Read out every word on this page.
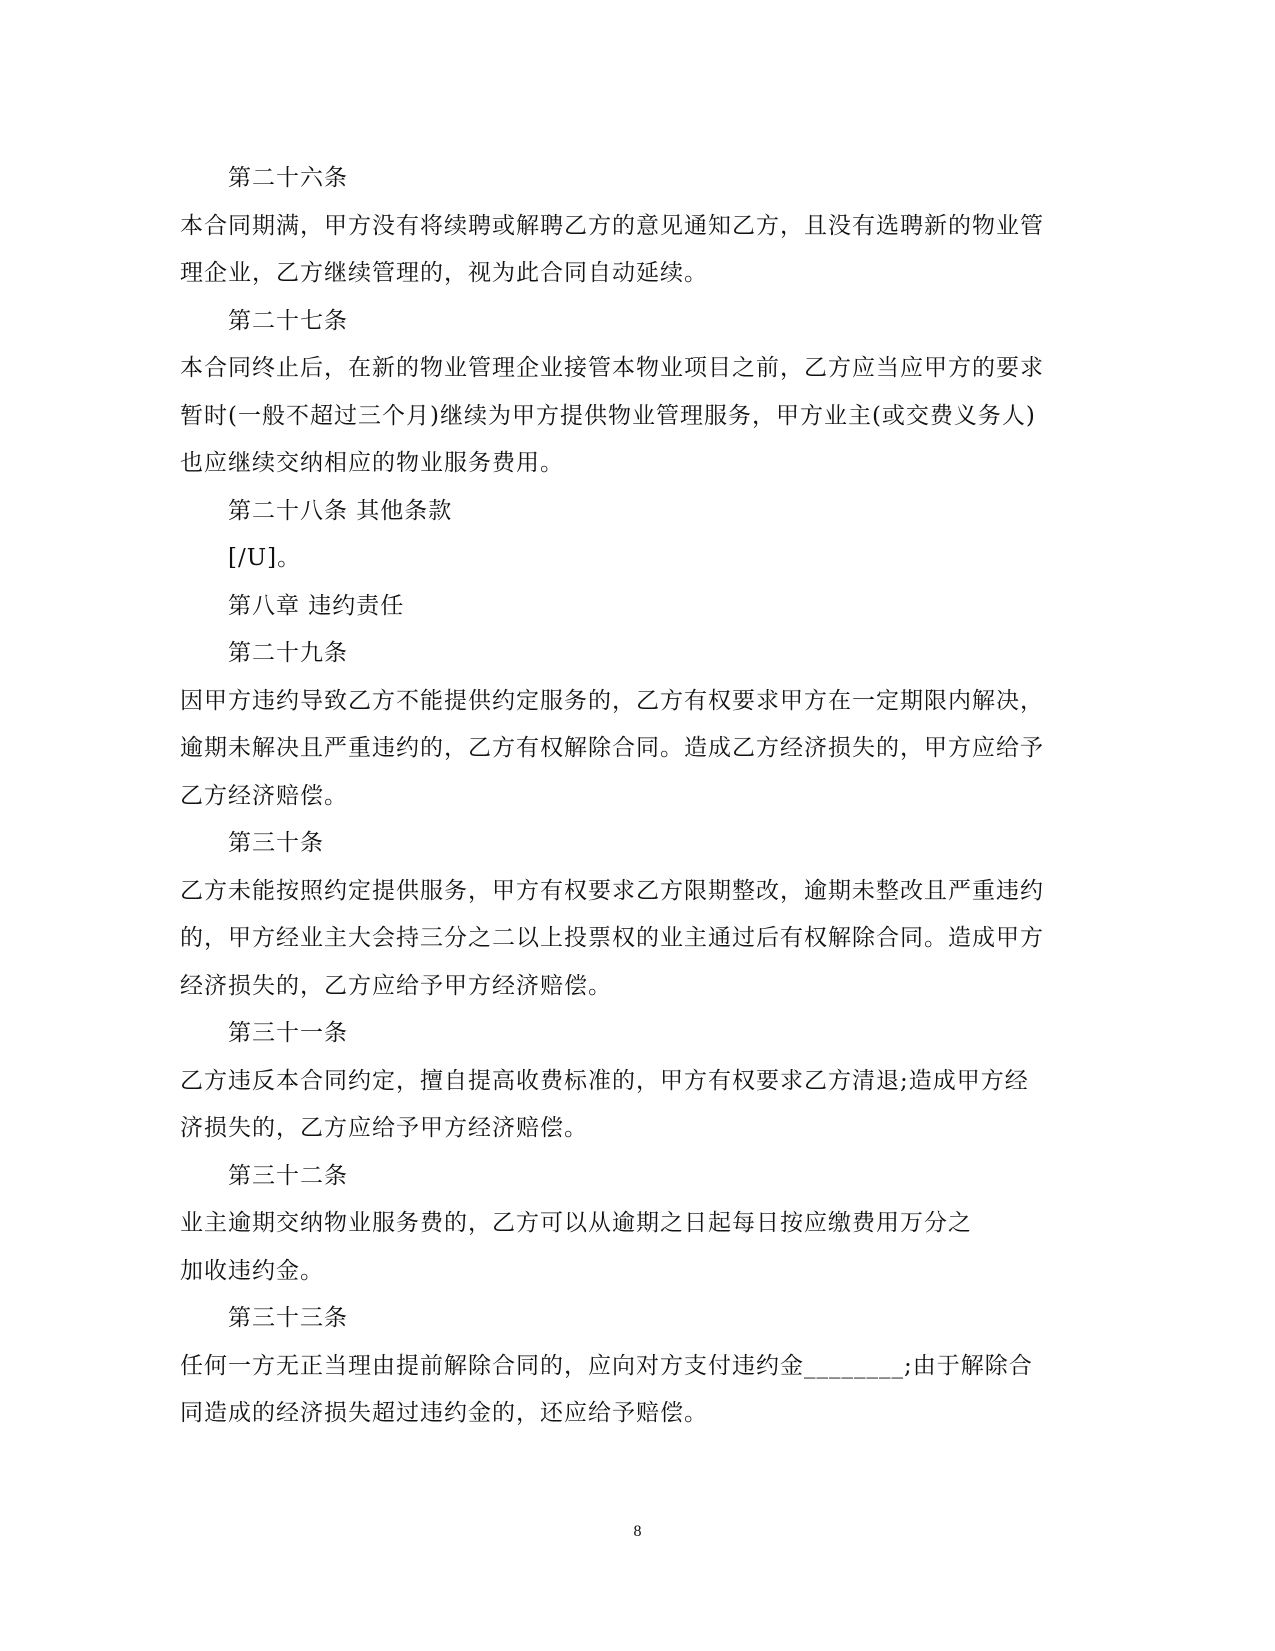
第二十六条
本合同期满，甲方没有将续聘或解聘乙方的意见通知乙方，且没有选聘新的物业管
理企业，乙方继续管理的，视为此合同自动延续。
第二十七条
本合同终止后，在新的物业管理企业接管本物业项目之前，乙方应当应甲方的要求
暂时(一般不超过三个月)继续为甲方提供物业管理服务，甲方业主(或交费义务人)
也应继续交纳相应的物业服务费用。
第二十八条 其他条款
[/U]。
第八章 违约责任
第二十九条
因甲方违约导致乙方不能提供约定服务的，乙方有权要求甲方在一定期限内解决，
逾期未解决且严重违约的，乙方有权解除合同。造成乙方经济损失的，甲方应给予
乙方经济赔偿。
第三十条
乙方未能按照约定提供服务，甲方有权要求乙方限期整改，逾期未整改且严重违约
的，甲方经业主大会持三分之二以上投票权的业主通过后有权解除合同。造成甲方
经济损失的，乙方应给予甲方经济赔偿。
第三十一条
乙方违反本合同约定，擅自提高收费标准的，甲方有权要求乙方清退;造成甲方经
济损失的，乙方应给予甲方经济赔偿。
第三十二条
业主逾期交纳物业服务费的，乙方可以从逾期之日起每日按应缴费用万分之
加收违约金。
第三十三条
任何一方无正当理由提前解除合同的，应向对方支付违约金________;由于解除合
同造成的经济损失超过违约金的，还应给予赔偿。
8
